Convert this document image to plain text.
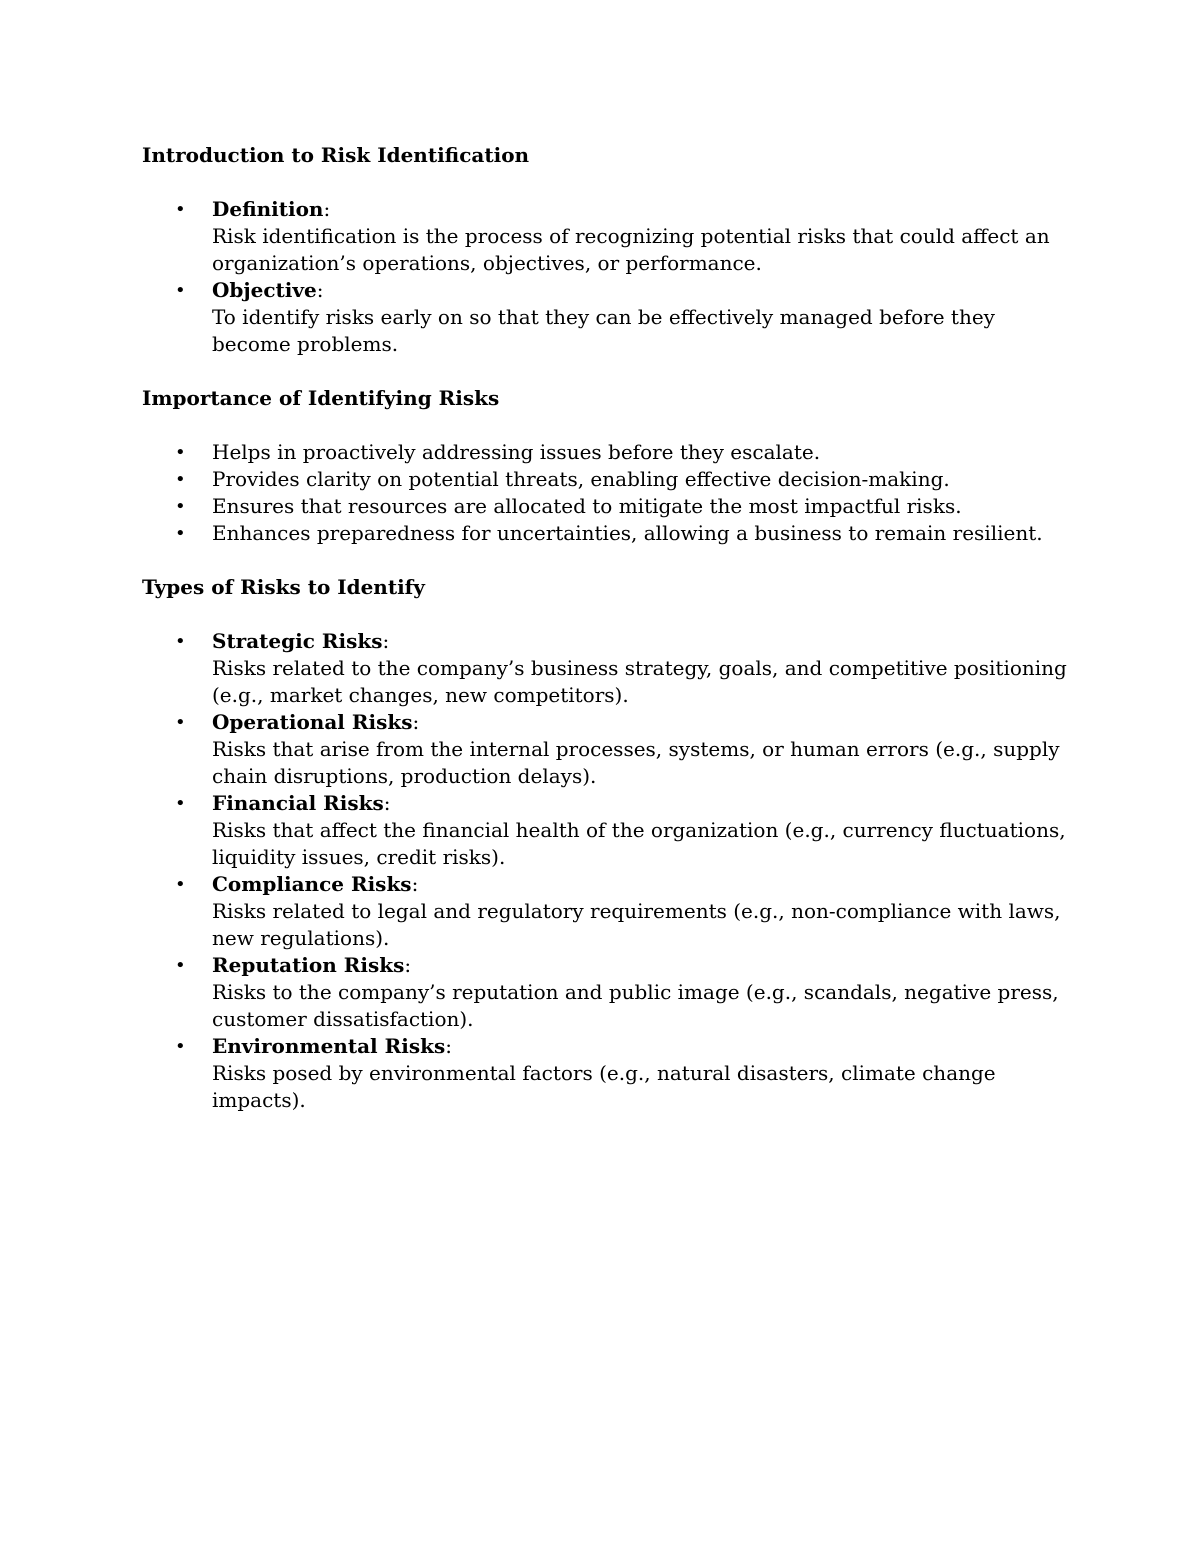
Introduction to Risk Identification
• Definition:
Risk identification is the process of recognizing potential risks that could affect an organization’s operations, objectives, or performance.
• Objective:
To identify risks early on so that they can be effectively managed before they become problems.
Importance of Identifying Risks
• Helps in proactively addressing issues before they escalate.
• Provides clarity on potential threats, enabling effective decision-making.
• Ensures that resources are allocated to mitigate the most impactful risks.
• Enhances preparedness for uncertainties, allowing a business to remain resilient.
Types of Risks to Identify
• Strategic Risks:
Risks related to the company’s business strategy, goals, and competitive positioning (e.g., market changes, new competitors).
• Operational Risks:
Risks that arise from the internal processes, systems, or human errors (e.g., supply chain disruptions, production delays).
• Financial Risks:
Risks that affect the financial health of the organization (e.g., currency fluctuations, liquidity issues, credit risks).
• Compliance Risks:
Risks related to legal and regulatory requirements (e.g., non-compliance with laws, new regulations).
• Reputation Risks:
Risks to the company’s reputation and public image (e.g., scandals, negative press, customer dissatisfaction).
• Environmental Risks:
Risks posed by environmental factors (e.g., natural disasters, climate change impacts).
